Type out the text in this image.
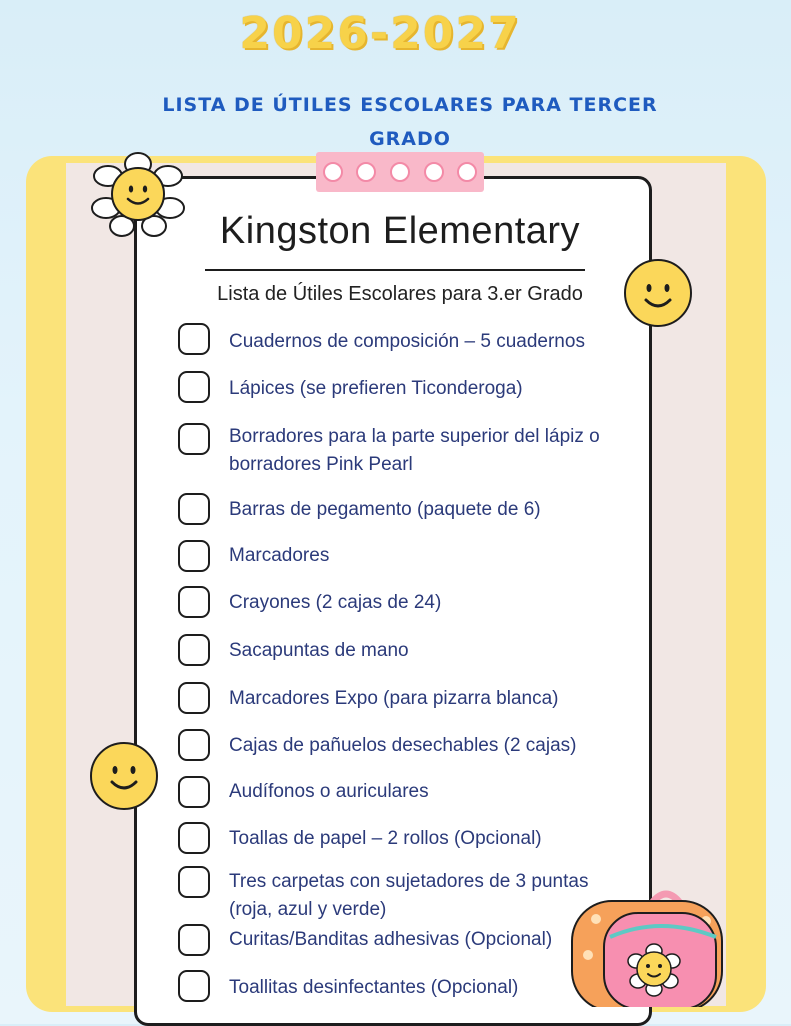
2026-2027
LISTA DE ÚTILES ESCOLARES PARA TERCER GRADO
Kingston Elementary
Lista de Útiles Escolares para 3.er Grado
Cuadernos de composición – 5 cuadernos
Lápices (se prefieren Ticonderoga)
Borradores para la parte superior del lápiz o borradores Pink Pearl
Barras de pegamento (paquete de 6)
Marcadores
Crayones (2 cajas de 24)
Sacapuntas de mano
Marcadores Expo (para pizarra blanca)
Cajas de pañuelos desechables (2 cajas)
Audífonos o auriculares
Toallas de papel – 2 rollos (Opcional)
Tres carpetas con sujetadores de 3 puntas (roja, azul y verde)
Curitas/Banditas adhesivas (Opcional)
Toallitas desinfectantes (Opcional)
